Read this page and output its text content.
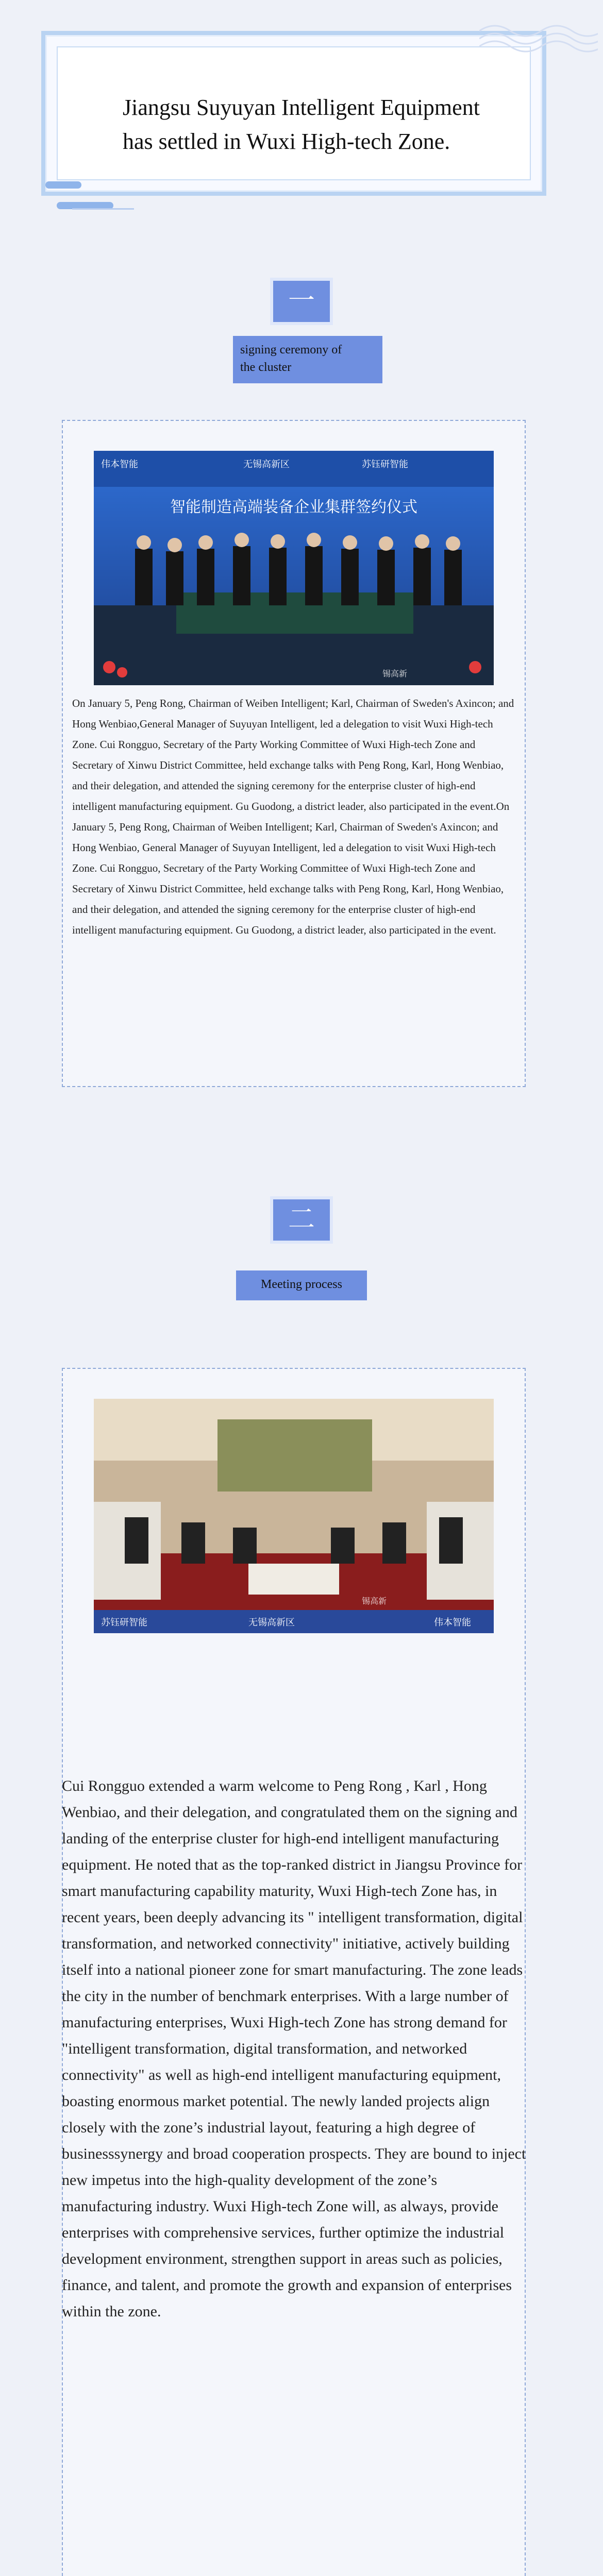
Jiangsu Suyuyan Intelligent Equipment
has settled in Wuxi High-tech Zone.
一
signing ceremony of
the cluster
伟本智能	无锡高新区	苏钰研智能
智能制造高端装备企业集群签约仪式
锡高新
On January 5, Peng Rong, Chairman of Weiben Intelligent; Karl, Chairman of Sweden's Axincon; and Hong Wenbiao,General Manager of Suyuyan Intelligent, led a delegation to visit Wuxi High-tech Zone. Cui Rongguo, Secretary of the Party Working Committee of Wuxi High-tech Zone and Secretary of Xinwu District Committee, held exchange talks with Peng Rong, Karl, Hong Wenbiao, and their delegation, and attended the signing ceremony for the enterprise cluster of high-end intelligent manufacturing equipment. Gu Guodong, a district leader, also participated in the event.On January 5, Peng Rong, Chairman of Weiben Intelligent; Karl, Chairman of Sweden's Axincon; and Hong Wenbiao, General Manager of Suyuyan Intelligent, led a delegation to visit Wuxi High-tech Zone. Cui Rongguo, Secretary of the Party Working Committee of Wuxi High-tech Zone and Secretary of Xinwu District Committee, held exchange talks with Peng Rong, Karl, Hong Wenbiao, and their delegation, and attended the signing ceremony for the enterprise cluster of high-end intelligent manufacturing equipment. Gu Guodong, a district leader, also participated in the event.
二
Meeting process
苏钰研智能	无锡高新区	伟本智能
锡高新
Cui Rongguo extended a warm welcome to Peng Rong , Karl , Hong Wenbiao, and their delegation, and congratulated them on the signing and landing of the enterprise cluster for high-end intelligent manufacturing equipment. He noted that as the top-ranked district in Jiangsu Province for smart manufacturing capability maturity, Wuxi High-tech Zone has, in recent years, been deeply advancing its " intelligent transformation, digital transformation, and networked connectivity" initiative, actively building itself into a national pioneer zone for smart manufacturing. The zone leads the city in the number of benchmark enterprises. With a large number of manufacturing enterprises, Wuxi High-tech Zone has strong demand for "intelligent transformation, digital transformation, and networked connectivity" as well as high-end intelligent manufacturing equipment, boasting enormous market potential. The newly landed projects align closely with the zone’s industrial layout, featuring a high degree of businesssynergy and broad cooperation prospects. They are bound to inject new impetus into the high-quality development of the zone’s manufacturing industry. Wuxi High-tech Zone will, as always, provide enterprises with comprehensive services, further optimize the industrial development environment, strengthen support in areas such as policies, finance, and talent, and promote the growth and expansion of enterprises within the zone.
